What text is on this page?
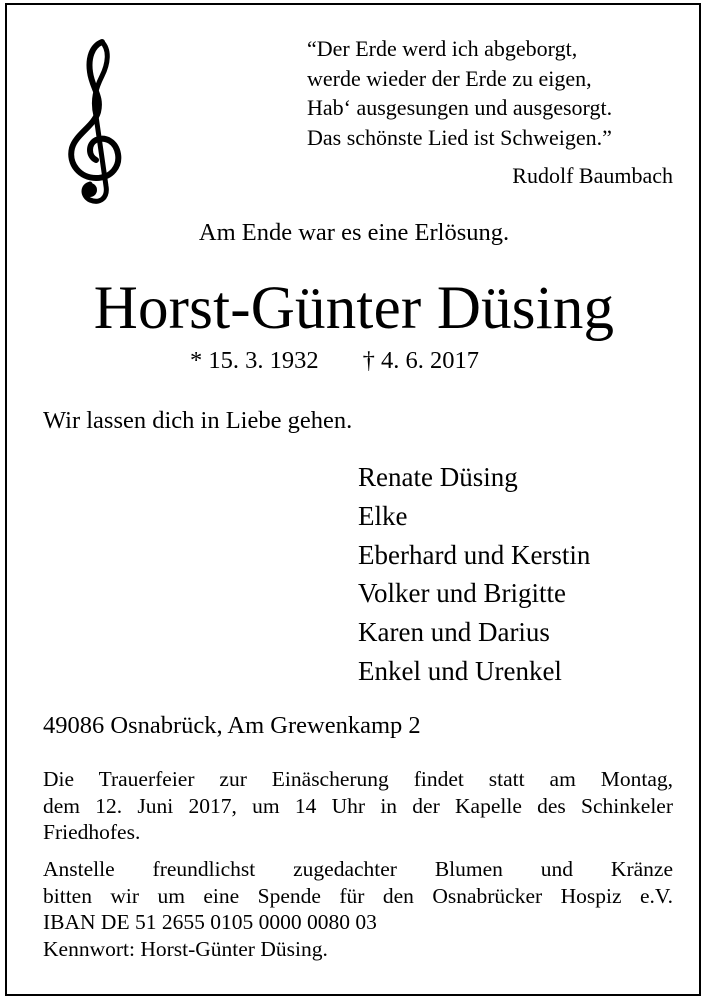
“Der Erde werd ich abgeborgt,
werde wieder der Erde zu eigen,
Hab‘ ausgesungen und ausgesorgt.
Das schönste Lied ist Schweigen.”
Rudolf Baumbach
Am Ende war es eine Erlösung.
Horst-Günter Düsing
* 15. 3. 1932 † 4. 6. 2017
Wir lassen dich in Liebe gehen.
Renate Düsing
Elke
Eberhard und Kerstin
Volker und Brigitte
Karen und Darius
Enkel und Urenkel
49086 Osnabrück, Am Grewenkamp 2
Die Trauerfeier zur Einäscherung findet statt am Montag,
dem 12. Juni 2017, um 14 Uhr in der Kapelle des Schinkeler
Friedhofes.
Anstelle freundlichst zugedachter Blumen und Kränze
bitten wir um eine Spende für den Osnabrücker Hospiz e.V.
IBAN DE 51 2655 0105 0000 0080 03
Kennwort: Horst-Günter Düsing.
